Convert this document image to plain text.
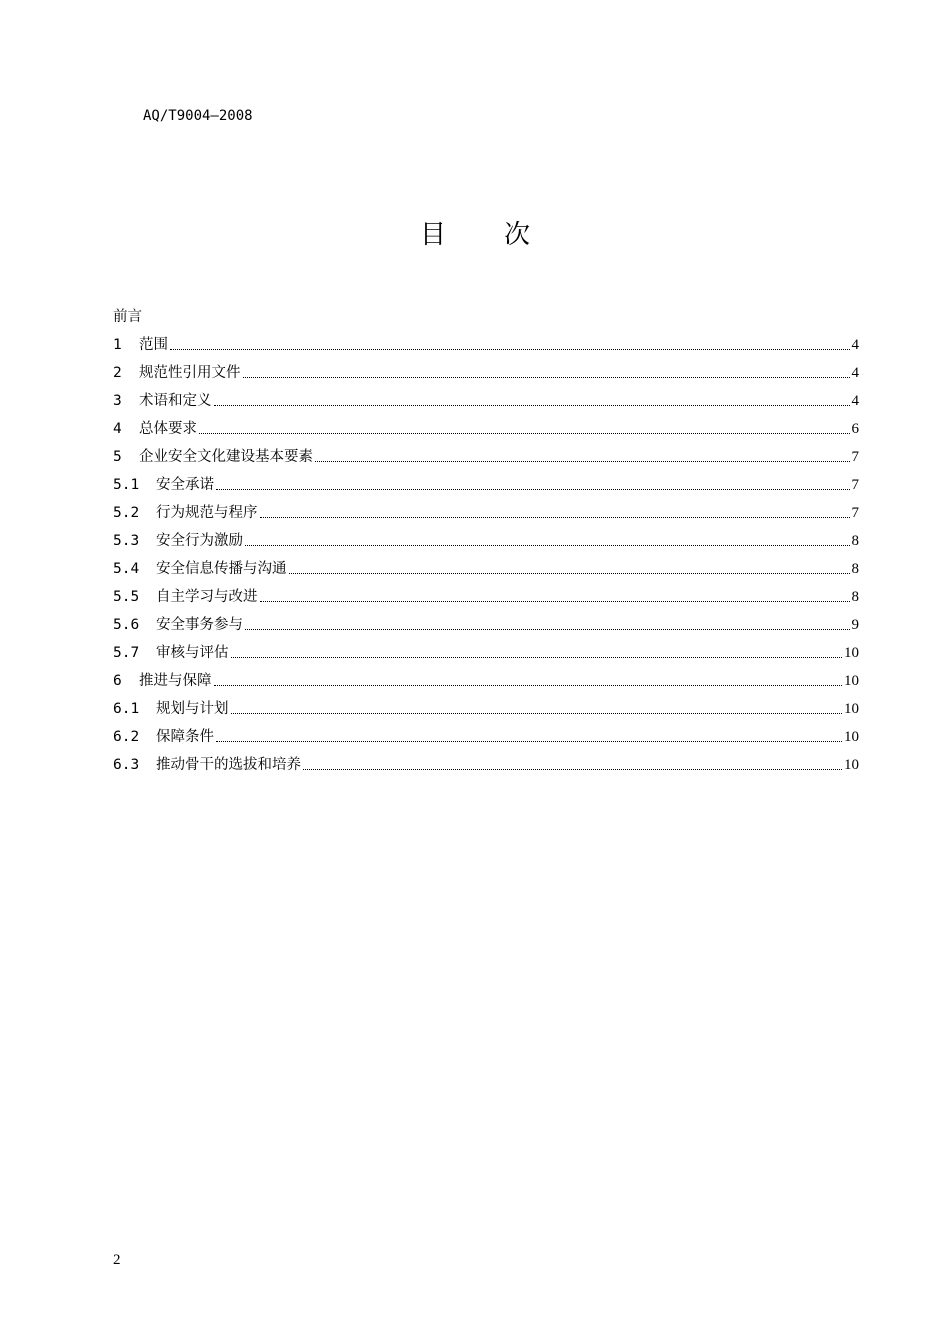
AQ/T9004—2008
目 次
前言
1	范围	4
2	规范性引用文件	4
3	术语和定义	4
4	总体要求	6
5	企业安全文化建设基本要素	7
5.1	安全承诺	7
5.2	行为规范与程序	7
5.3	安全行为激励	8
5.4	安全信息传播与沟通	8
5.5	自主学习与改进	8
5.6	安全事务参与	9
5.7	审核与评估	10
6	推进与保障	10
6.1	规划与计划	10
6.2	保障条件	10
6.3	推动骨干的选拔和培养	10
2
